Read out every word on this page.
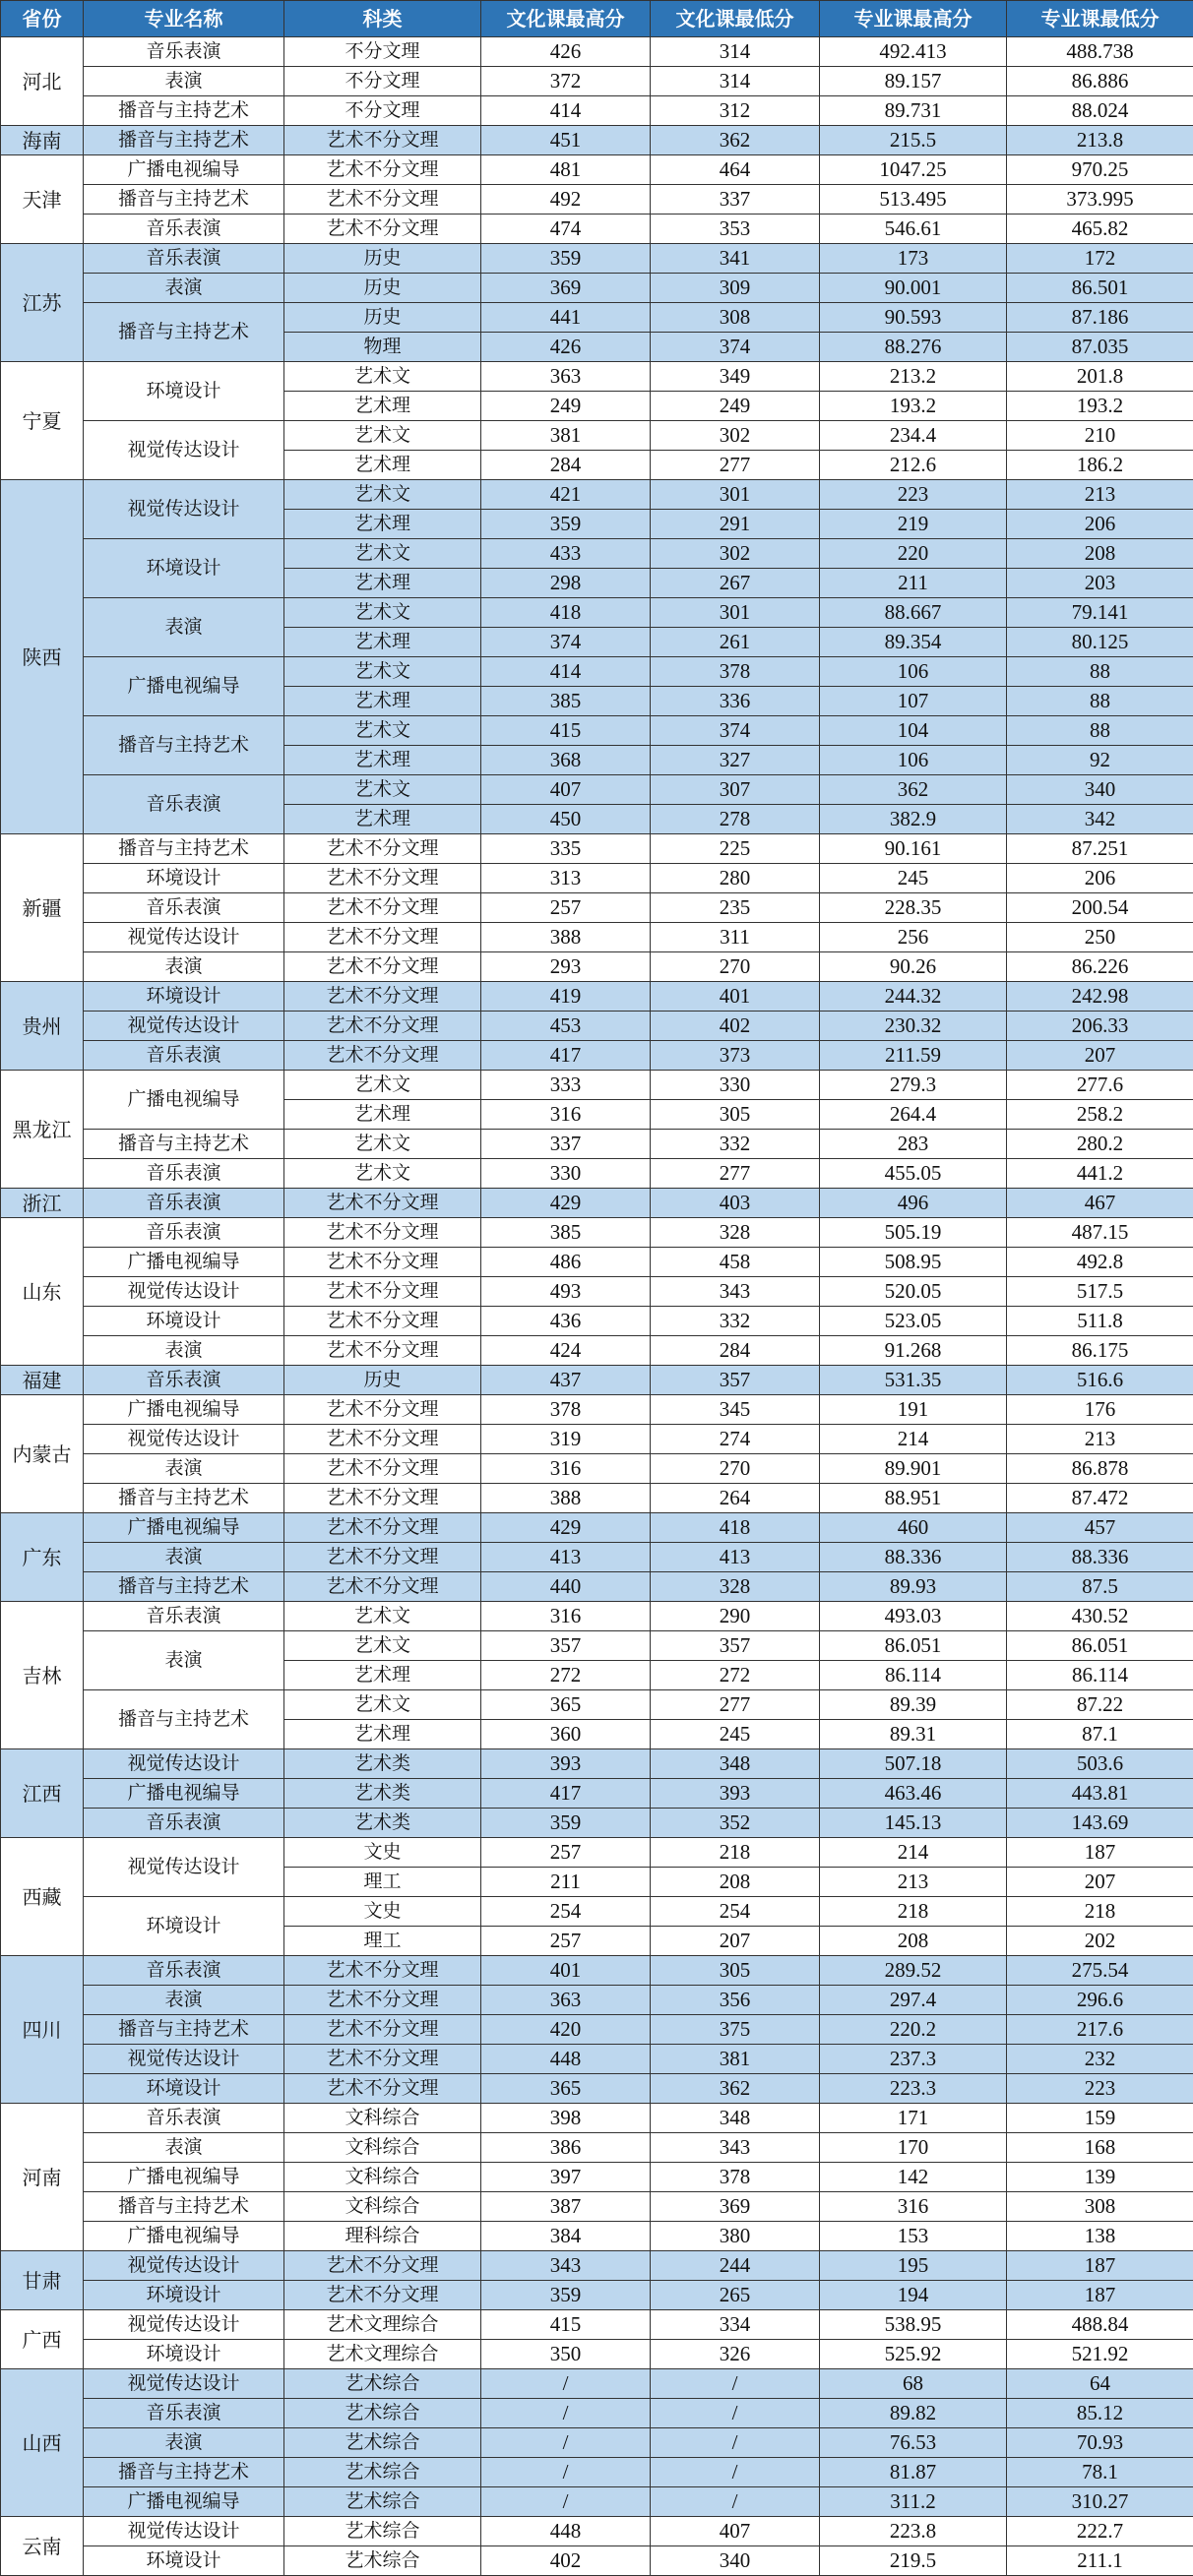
省份	专业名称	科类	文化课最高分	文化课最低分	专业课最高分	专业课最低分
河北	音乐表演	不分文理	426	314	492.413	488.738
	表演	不分文理	372	314	89.157	86.886
	播音与主持艺术	不分文理	414	312	89.731	88.024
海南	播音与主持艺术	艺术不分文理	451	362	215.5	213.8
天津	广播电视编导	艺术不分文理	481	464	1047.25	970.25
	播音与主持艺术	艺术不分文理	492	337	513.495	373.995
	音乐表演	艺术不分文理	474	353	546.61	465.82
江苏	音乐表演	历史	359	341	173	172
	表演	历史	369	309	90.001	86.501
	播音与主持艺术	历史	441	308	90.593	87.186
		物理	426	374	88.276	87.035
宁夏	环境设计	艺术文	363	349	213.2	201.8
		艺术理	249	249	193.2	193.2
	视觉传达设计	艺术文	381	302	234.4	210
		艺术理	284	277	212.6	186.2
陕西	视觉传达设计	艺术文	421	301	223	213
		艺术理	359	291	219	206
	环境设计	艺术文	433	302	220	208
		艺术理	298	267	211	203
	表演	艺术文	418	301	88.667	79.141
		艺术理	374	261	89.354	80.125
	广播电视编导	艺术文	414	378	106	88
		艺术理	385	336	107	88
	播音与主持艺术	艺术文	415	374	104	88
		艺术理	368	327	106	92
	音乐表演	艺术文	407	307	362	340
		艺术理	450	278	382.9	342
新疆	播音与主持艺术	艺术不分文理	335	225	90.161	87.251
	环境设计	艺术不分文理	313	280	245	206
	音乐表演	艺术不分文理	257	235	228.35	200.54
	视觉传达设计	艺术不分文理	388	311	256	250
	表演	艺术不分文理	293	270	90.26	86.226
贵州	环境设计	艺术不分文理	419	401	244.32	242.98
	视觉传达设计	艺术不分文理	453	402	230.32	206.33
	音乐表演	艺术不分文理	417	373	211.59	207
黑龙江	广播电视编导	艺术文	333	330	279.3	277.6
		艺术理	316	305	264.4	258.2
	播音与主持艺术	艺术文	337	332	283	280.2
	音乐表演	艺术文	330	277	455.05	441.2
浙江	音乐表演	艺术不分文理	429	403	496	467
山东	音乐表演	艺术不分文理	385	328	505.19	487.15
	广播电视编导	艺术不分文理	486	458	508.95	492.8
	视觉传达设计	艺术不分文理	493	343	520.05	517.5
	环境设计	艺术不分文理	436	332	523.05	511.8
	表演	艺术不分文理	424	284	91.268	86.175
福建	音乐表演	历史	437	357	531.35	516.6
内蒙古	广播电视编导	艺术不分文理	378	345	191	176
	视觉传达设计	艺术不分文理	319	274	214	213
	表演	艺术不分文理	316	270	89.901	86.878
	播音与主持艺术	艺术不分文理	388	264	88.951	87.472
广东	广播电视编导	艺术不分文理	429	418	460	457
	表演	艺术不分文理	413	413	88.336	88.336
	播音与主持艺术	艺术不分文理	440	328	89.93	87.5
吉林	音乐表演	艺术文	316	290	493.03	430.52
	表演	艺术文	357	357	86.051	86.051
		艺术理	272	272	86.114	86.114
	播音与主持艺术	艺术文	365	277	89.39	87.22
		艺术理	360	245	89.31	87.1
江西	视觉传达设计	艺术类	393	348	507.18	503.6
	广播电视编导	艺术类	417	393	463.46	443.81
	音乐表演	艺术类	359	352	145.13	143.69
西藏	视觉传达设计	文史	257	218	214	187
		理工	211	208	213	207
	环境设计	文史	254	254	218	218
		理工	257	207	208	202
四川	音乐表演	艺术不分文理	401	305	289.52	275.54
	表演	艺术不分文理	363	356	297.4	296.6
	播音与主持艺术	艺术不分文理	420	375	220.2	217.6
	视觉传达设计	艺术不分文理	448	381	237.3	232
	环境设计	艺术不分文理	365	362	223.3	223
河南	音乐表演	文科综合	398	348	171	159
	表演	文科综合	386	343	170	168
	广播电视编导	文科综合	397	378	142	139
	播音与主持艺术	文科综合	387	369	316	308
	广播电视编导	理科综合	384	380	153	138
甘肃	视觉传达设计	艺术不分文理	343	244	195	187
	环境设计	艺术不分文理	359	265	194	187
广西	视觉传达设计	艺术文理综合	415	334	538.95	488.84
	环境设计	艺术文理综合	350	326	525.92	521.92
山西	视觉传达设计	艺术综合	/	/	68	64
	音乐表演	艺术综合	/	/	89.82	85.12
	表演	艺术综合	/	/	76.53	70.93
	播音与主持艺术	艺术综合	/	/	81.87	78.1
	广播电视编导	艺术综合	/	/	311.2	310.27
云南	视觉传达设计	艺术综合	448	407	223.8	222.7
	环境设计	艺术综合	402	340	219.5	211.1
